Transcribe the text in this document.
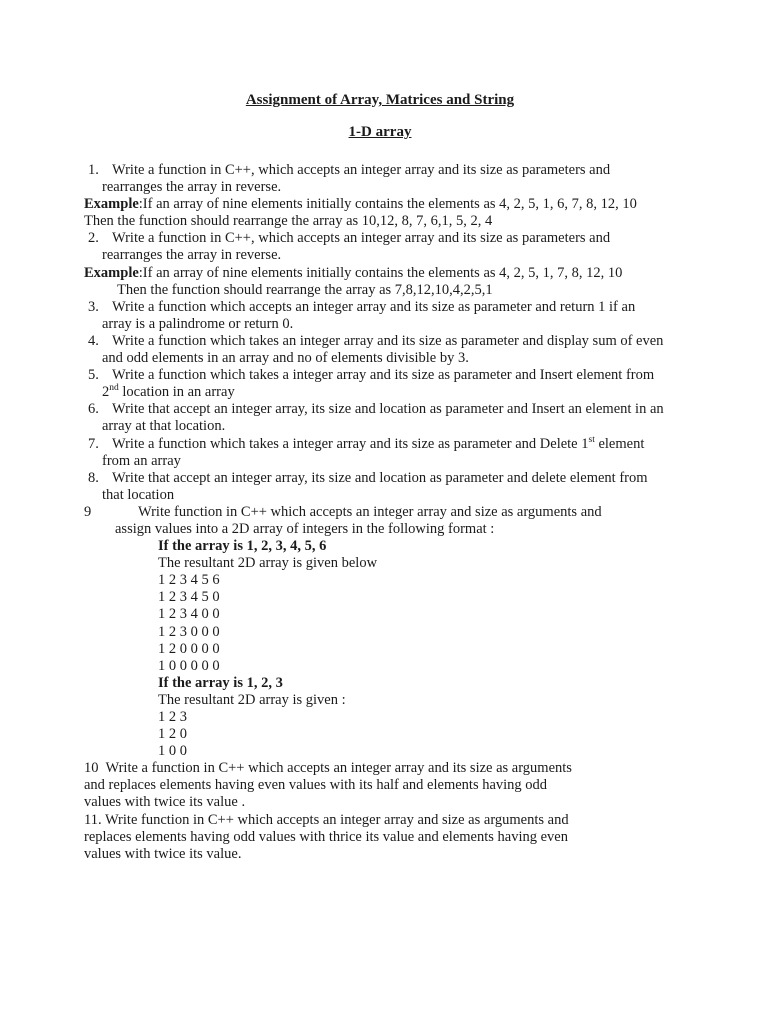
Assignment of Array, Matrices and String
1-D array
1. Write a function in C++, which accepts an integer array and its size as parameters and
rearranges the array in reverse.
Example:If an array of nine elements initially contains the elements as 4, 2, 5, 1, 6, 7, 8, 12, 10
Then the function should rearrange the array as 10,12, 8, 7, 6,1, 5, 2, 4
2. Write a function in C++, which accepts an integer array and its size as parameters and
rearranges the array in reverse.
Example:If an array of nine elements initially contains the elements as 4, 2, 5, 1, 7, 8, 12, 10
Then the function should rearrange the array as 7,8,12,10,4,2,5,1
3. Write a function which accepts an integer array and its size as parameter and return 1 if an
array is a palindrome or return 0.
4. Write a function which takes an integer array and its size as parameter and display sum of even
and odd elements in an array and no of elements divisible by 3.
5. Write a function which takes a integer array and its size as parameter and Insert element from
2nd location in an array
6. Write that accept an integer array, its size and location as parameter and Insert an element in an
array at that location.
7. Write a function which takes a integer array and its size as parameter and Delete 1st element
from an array
8. Write that accept an integer array, its size and location as parameter and delete element from
that location
9	Write function in C++ which accepts an integer array and size as arguments and
assign values into a 2D array of integers in the following format :
If the array is 1, 2, 3, 4, 5, 6
The resultant 2D array is given below
1 2 3 4 5 6
1 2 3 4 5 0
1 2 3 4 0 0
1 2 3 0 0 0
1 2 0 0 0 0
1 0 0 0 0 0
If the array is 1, 2, 3
The resultant 2D array is given :
1 2 3
1 2 0
1 0 0
10  Write a function in C++ which accepts an integer array and its size as arguments
and replaces elements having even values with its half and elements having odd
values with twice its value .
11. Write function in C++ which accepts an integer array and size as arguments and
replaces elements having odd values with thrice its value and elements having even
values with twice its value.
